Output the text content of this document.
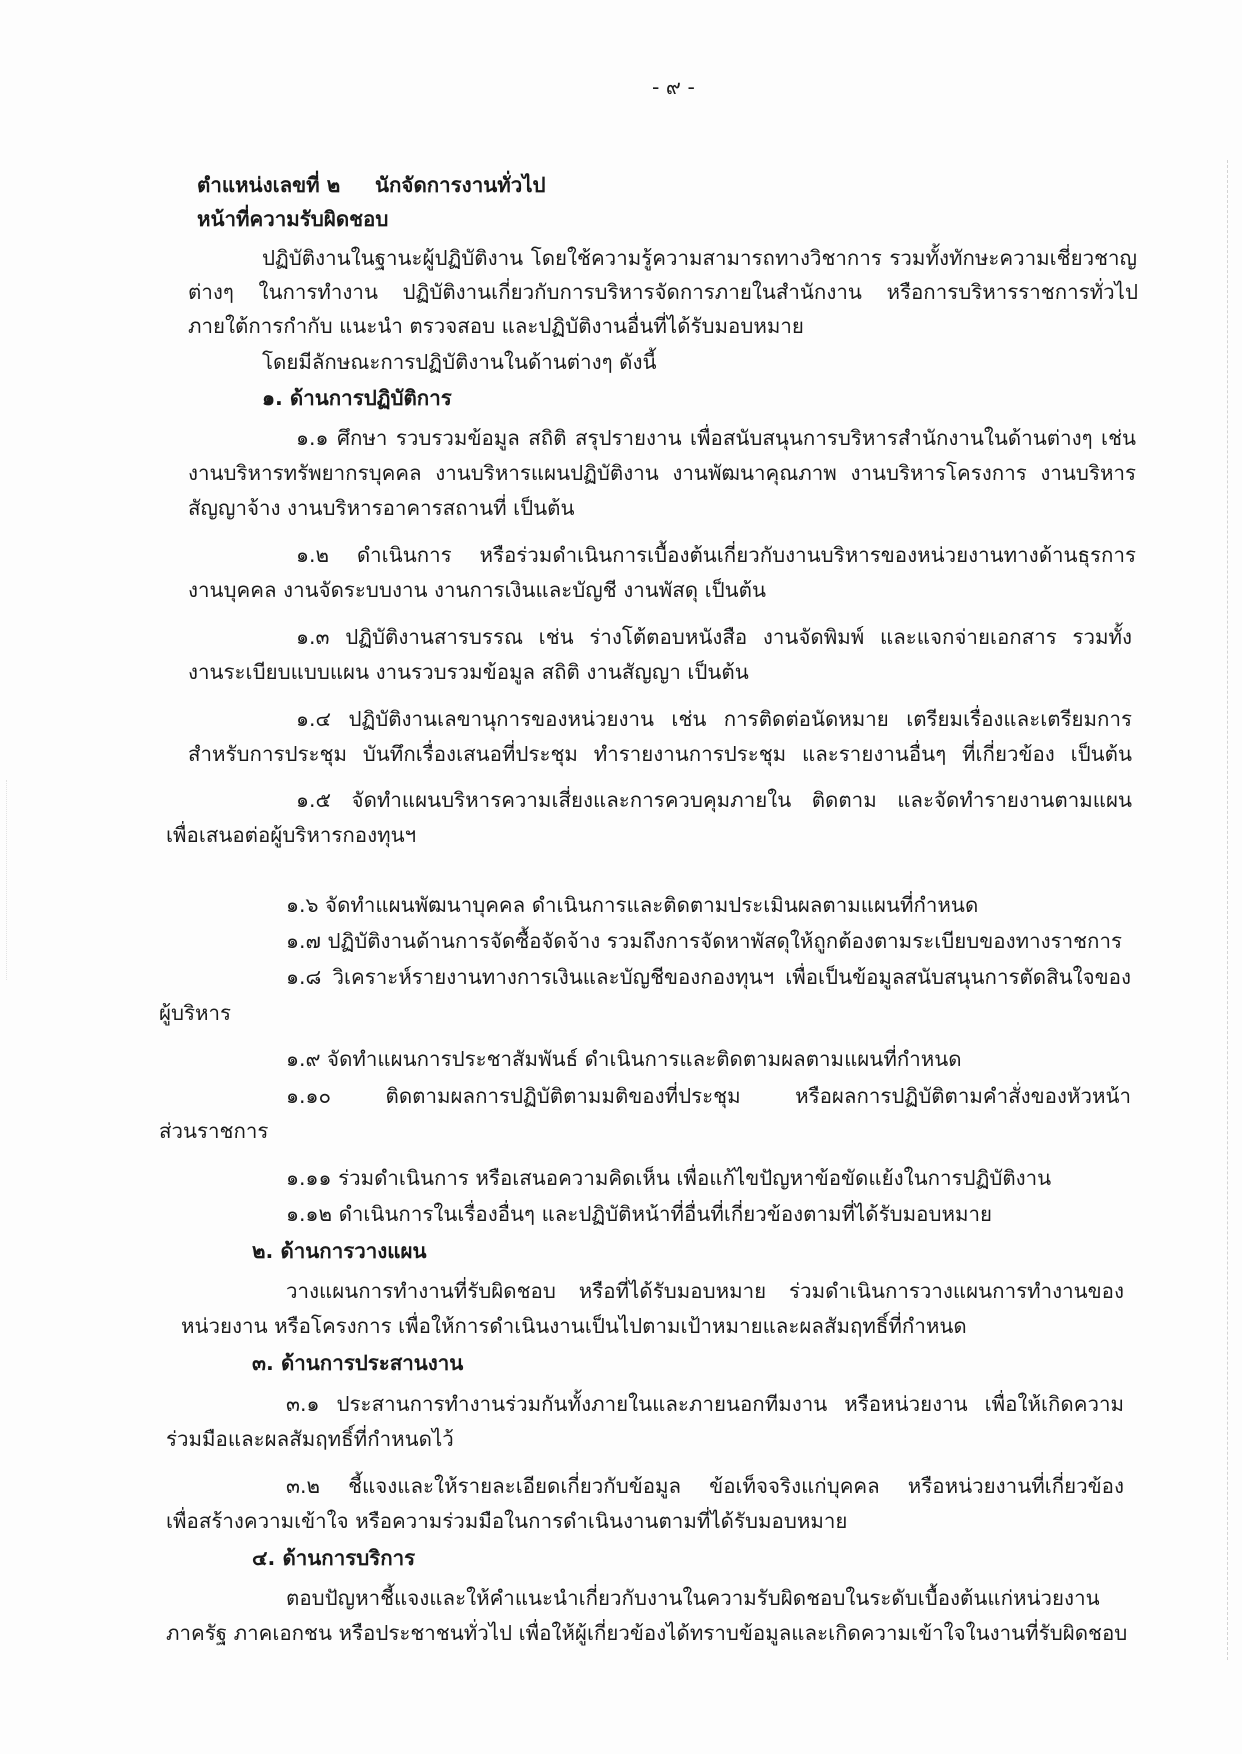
- ๙ -
ตำแหน่งเลขที่ ๒ นักจัดการงานทั่วไป
หน้าที่ความรับผิดชอบ
ปฏิบัติงานในฐานะผู้ปฏิบัติงาน โดยใช้ความรู้ความสามารถทางวิชาการ รวมทั้งทักษะความเชี่ยวชาญ
ต่างๆ ในการทำงาน ปฏิบัติงานเกี่ยวกับการบริหารจัดการภายในสำนักงาน หรือการบริหารราชการทั่วไป
ภายใต้การกำกับ แนะนำ ตรวจสอบ และปฏิบัติงานอื่นที่ได้รับมอบหมาย
โดยมีลักษณะการปฏิบัติงานในด้านต่างๆ ดังนี้
๑. ด้านการปฏิบัติการ
๑.๑ ศึกษา รวบรวมข้อมูล สถิติ สรุปรายงาน เพื่อสนับสนุนการบริหารสำนักงานในด้านต่างๆ เช่น
งานบริหารทรัพยากรบุคคล งานบริหารแผนปฏิบัติงาน งานพัฒนาคุณภาพ งานบริหารโครงการ งานบริหาร
สัญญาจ้าง งานบริหารอาคารสถานที่ เป็นต้น
๑.๒ ดำเนินการ หรือร่วมดำเนินการเบื้องต้นเกี่ยวกับงานบริหารของหน่วยงานทางด้านธุรการ
งานบุคคล งานจัดระบบงาน งานการเงินและบัญชี งานพัสดุ เป็นต้น
๑.๓ ปฏิบัติงานสารบรรณ เช่น ร่างโต้ตอบหนังสือ งานจัดพิมพ์ และแจกจ่ายเอกสาร รวมทั้ง
งานระเบียบแบบแผน งานรวบรวมข้อมูล สถิติ งานสัญญา เป็นต้น
๑.๔ ปฏิบัติงานเลขานุการของหน่วยงาน เช่น การติดต่อนัดหมาย เตรียมเรื่องและเตรียมการ
สำหรับการประชุม บันทึกเรื่องเสนอที่ประชุม ทำรายงานการประชุม และรายงานอื่นๆ ที่เกี่ยวข้อง เป็นต้น
๑.๕ จัดทำแผนบริหารความเสี่ยงและการควบคุมภายใน ติดตาม และจัดทำรายงานตามแผน
เพื่อเสนอต่อผู้บริหารกองทุนฯ
๑.๖ จัดทำแผนพัฒนาบุคคล ดำเนินการและติดตามประเมินผลตามแผนที่กำหนด
๑.๗ ปฏิบัติงานด้านการจัดซื้อจัดจ้าง รวมถึงการจัดหาพัสดุให้ถูกต้องตามระเบียบของทางราชการ
๑.๘ วิเคราะห์รายงานทางการเงินและบัญชีของกองทุนฯ เพื่อเป็นข้อมูลสนับสนุนการตัดสินใจของ
ผู้บริหาร
๑.๙ จัดทำแผนการประชาสัมพันธ์ ดำเนินการและติดตามผลตามแผนที่กำหนด
๑.๑๐ ติดตามผลการปฏิบัติตามมติของที่ประชุม หรือผลการปฏิบัติตามคำสั่งของหัวหน้า
ส่วนราชการ
๑.๑๑ ร่วมดำเนินการ หรือเสนอความคิดเห็น เพื่อแก้ไขปัญหาข้อขัดแย้งในการปฏิบัติงาน
๑.๑๒ ดำเนินการในเรื่องอื่นๆ และปฏิบัติหน้าที่อื่นที่เกี่ยวข้องตามที่ได้รับมอบหมาย
๒. ด้านการวางแผน
วางแผนการทำงานที่รับผิดชอบ หรือที่ได้รับมอบหมาย ร่วมดำเนินการวางแผนการทำงานของ
หน่วยงาน หรือโครงการ เพื่อให้การดำเนินงานเป็นไปตามเป้าหมายและผลสัมฤทธิ์ที่กำหนด
๓. ด้านการประสานงาน
๓.๑ ประสานการทำงานร่วมกันทั้งภายในและภายนอกทีมงาน หรือหน่วยงาน เพื่อให้เกิดความ
ร่วมมือและผลสัมฤทธิ์ที่กำหนดไว้
๓.๒ ชี้แจงและให้รายละเอียดเกี่ยวกับข้อมูล ข้อเท็จจริงแก่บุคคล หรือหน่วยงานที่เกี่ยวข้อง
เพื่อสร้างความเข้าใจ หรือความร่วมมือในการดำเนินงานตามที่ได้รับมอบหมาย
๔. ด้านการบริการ
ตอบปัญหาชี้แจงและให้คำแนะนำเกี่ยวกับงานในความรับผิดชอบในระดับเบื้องต้นแก่หน่วยงาน
ภาครัฐ ภาคเอกชน หรือประชาชนทั่วไป เพื่อให้ผู้เกี่ยวข้องได้ทราบข้อมูลและเกิดความเข้าใจในงานที่รับผิดชอบ
